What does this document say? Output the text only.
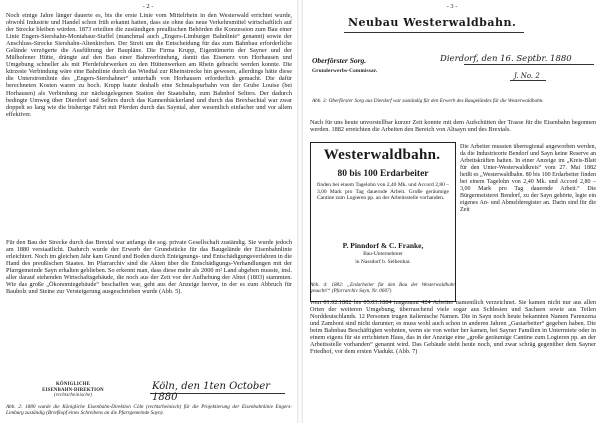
- 2 -
Noch einige Jahre länger dauerte es, bis die erste Linie vom Mittelrhein in den Westerwald errichtet wurde, obwohl Industrie und Handel schon früh erkannt hatten, dass sie ohne das neue Verkehrsmittel wirtschaftlich auf der Strecke bleiben würden. 1873 erteilten die zuständigen preußischen Behörden die Konzession zum Bau einer Linie Engers-Siershahn-Montabaur-Staffel (manchmal auch „Engers-Limburger Bahnlinie“ genannt) sowie der Anschluss-Strecke Siershahn-Altenkirchen. Der Streit um die Entscheidung für das zum Bahnbau erforderliche Gelände verzögerte die Ausführung der Baupläne. Die Firma Krupp, Eigentümerin der Sayner und der Mülhofener Hütte, drängte auf den Bau einer Bahnverbindung, damit das Eisenerz von Horhausen und Umgebung schneller als mit Pferdefuhrwerken zu den Hüttenwerken am Rhein gebracht werden konnte. Die kürzeste Verbindung wäre eine Bahnlinie durch das Wiedtal zur Rheinstrecke hin gewesen, allerdings hätte diese die Unterstromlinie des „Engers-Siershahner“ unterhalb von Horhausen erforderlich gemacht. Die dafür berechneten Kosten waren zu hoch. Krupp baute deshalb eine Schmalspurbahn von der Grube Louise (bei Horhausen) als Verbindung zur nächstgelegenen Station der Staatsbahn, zum Bahnhof Selters. Der dadurch bedingte Umweg über Dierdorf und Selters durch das Kannenbäckerland und durch das Brexbachtal war zwar doppelt so lang wie die bisherige Fahrt mit Pferden durch das Sayntal, aber wesentlich einfacher und vor allem effektiver.
Für den Bau der Strecke durch das Brextal war anfangs die sog. private Gesellschaft zuständig. Sie wurde jedoch am 1880 verstaatlicht. Dadurch wurde der Erwerb der Grundstücke für das Baugelände der Eisenbahnlinie erleichtert. Noch im gleichen Jahr kam Grund und Boden durch Enteignungs- und Entschädigungsverfahren in die Hand des preußischen Staates. Im Pfarrarchiv sind die Akten über die Entschädigungs-Verhandlungen mit der Pfarrgemeinde Sayn erhalten geblieben. So erkennt man, dass diese mehr als 2000 m² Land abgeben musste, insl. aller darauf stehenden Wirtschaftsgebäude, die noch aus der Zeit vor der Aufhebung der Abtei (1803) stammten. Wie das große „Ökonomiegebäude“ beschaffen war, geht aus der Anzeige hervor, in der es zum Abbruch für Bauholz und Steine zur Versteigerung ausgeschrieben wurde (Abb. 5).
KÖNIGLICHE
EISENBAHN-DIREKTION
(rechtsrheinische)
Köln, den 1ten October 1880
Abb. 2: 1880 wurde die Königliche Eisenbahn-Direktion Cöln (rechtsrheinisch) für die Projektierung der Eisenbahnlinie Engers-Limburg zuständig (Briefkopf eines Schreibens an die Pfarrgemeinde Sayn).
- 3 -
Neubau Westerwaldbahn.
Oberförster Sorg.
Grunderwerbs-Commissar.
Dierdorf, den 16. Septbr. 1880
J. No. 2
Abb. 3: Oberförster Sorg aus Dierdorf war zuständig für den Erwerb des Baugeländes für die Westerwaldbahn.
Nach für uns heute unvorstellbar kurzer Zeit konnte mit dem Aufschütten der Trasse für die Eisenbahn begonnen werden. 1882 erreichten die Arbeiten den Bereich von Altsayn und des Brextals.
Westerwaldbahn.
80 bis 100 Erdarbeiter
finden bei einem Tagelohn von 2,40 Mk. und Accord 2,80 – 3,00 Mark pro Tag dauernde Arbeit. Große geräumige Cantine zum Logieren pp. an der Arbeitsstelle vorhanden.
P. Pinndorf & C. Franke,
Bau-Unternehmer
in Nassdorf b. Selbenhar.
Abb. 4: 1882: „Erdarbeiter für den Bau der Westerwaldbahn gesucht!“ (Pfarrarchiv Sayn, Nr. 0607)
Die Arbeiter mussten überregional angeworben werden, da die Industrieorte Bendorf und Sayn keine Reserve an Arbeitskräften hatten. In einer Anzeige im „Kreis-Blatt für den Unter-Westerwaldkreis“ vom 27. Mai 1882 heißt es „Westerwaldbahn. 80 bis 100 Erdarbeiter finden bei einem Tagelohn von 2,40 Mk. und Accord 2,80 – 3,00 Mark pro Tag dauernde Arbeit.“ Die Bürgermeisterei Bendorf, zu der Sayn gehörte, legte ein eigenes An- und Abmelderegister an. Darin sind für die Zeit
vom 01.02.1882 bis 05.03.1884 insgesamt 424 Arbeiter namentlich verzeichnet. Sie kamen nicht nur aus allen Orten der weiteren Umgebung, überraschend viele sogar aus Schlesien und Sachsen sowie aus Teilen Norddeutschlands. 12 Personen trugen italienische Namen. Die in Sayn noch heute bekannten Namen Farenzena und Zamboni sind nicht darunter; es muss wohl auch schon in anderen Jahren „Gastarbeiter“ gegeben haben. Die beim Bahnbau Beschäftigten wohnten, wenn sie von weiter her kamen, bei Sayner Familien in Untermiete oder in einem eigens für sie errichteten Haus, das in der Anzeige eine „große geräumige Cantine zum Logieren pp. an der Arbeitsstelle vorhanden“ genannt wird. Das Gebäude steht heute noch, und zwar schräg gegenüber dem Sayner Friedhof, vor dem ersten Viadukt. (Abb. 7)
